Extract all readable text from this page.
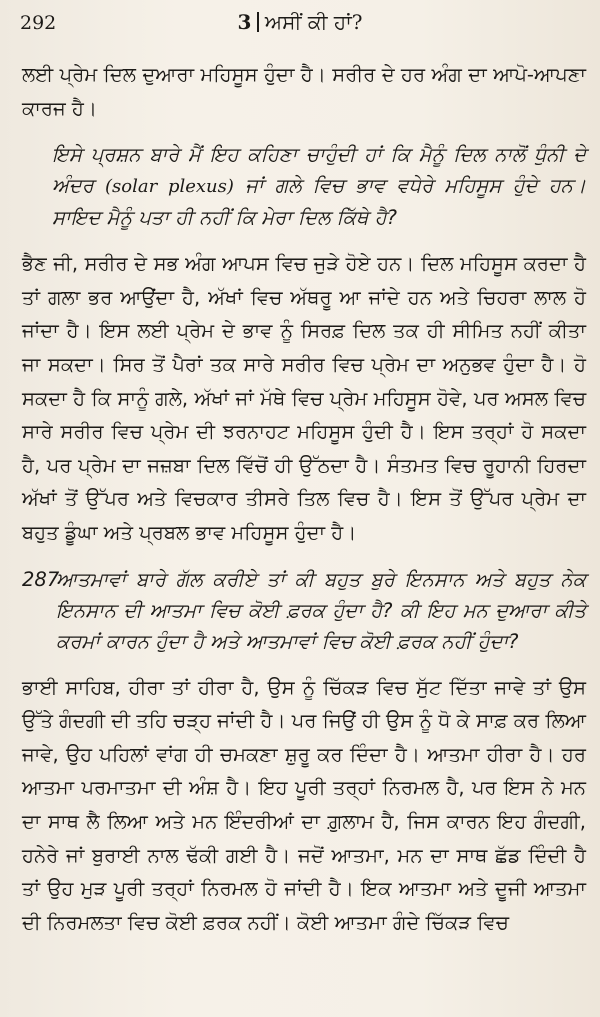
292	3 ਅਸੀਂ ਕੀ ਹਾਂ?

ਲਈ ਪ੍ਰੇਮ ਦਿਲ ਦੁਆਰਾ ਮਹਿਸੂਸ ਹੁੰਦਾ ਹੈ। ਸਰੀਰ ਦੇ ਹਰ ਅੰਗ ਦਾ ਆਪੋ-ਆਪਣਾ ਕਾਰਜ ਹੈ।

ਇਸੇ ਪ੍ਰਸ਼ਨ ਬਾਰੇ ਮੈਂ ਇਹ ਕਹਿਣਾ ਚਾਹੁੰਦੀ ਹਾਂ ਕਿ ਮੈਨੂੰ ਦਿਲ ਨਾਲੋਂ ਧੁੰਨੀ ਦੇ ਅੰਦਰ (solar plexus) ਜਾਂ ਗਲੇ ਵਿਚ ਭਾਵ ਵਧੇਰੇ ਮਹਿਸੂਸ ਹੁੰਦੇ ਹਨ। ਸਾਇਦ ਮੈਨੂੰ ਪਤਾ ਹੀ ਨਹੀਂ ਕਿ ਮੇਰਾ ਦਿਲ ਕਿੱਥੇ ਹੈ?

ਭੈਣ ਜੀ, ਸਰੀਰ ਦੇ ਸਭ ਅੰਗ ਆਪਸ ਵਿਚ ਜੁੜੇ ਹੋਏ ਹਨ। ਦਿਲ ਮਹਿਸੂਸ ਕਰਦਾ ਹੈ ਤਾਂ ਗਲਾ ਭਰ ਆਉਂਦਾ ਹੈ, ਅੱਖਾਂ ਵਿਚ ਅੱਥਰੂ ਆ ਜਾਂਦੇ ਹਨ ਅਤੇ ਚਿਹਰਾ ਲਾਲ ਹੋ ਜਾਂਦਾ ਹੈ। ਇਸ ਲਈ ਪ੍ਰੇਮ ਦੇ ਭਾਵ ਨੂੰ ਸਿਰਫ਼ ਦਿਲ ਤਕ ਹੀ ਸੀਮਿਤ ਨਹੀਂ ਕੀਤਾ ਜਾ ਸਕਦਾ। ਸਿਰ ਤੋਂ ਪੈਰਾਂ ਤਕ ਸਾਰੇ ਸਰੀਰ ਵਿਚ ਪ੍ਰੇਮ ਦਾ ਅਨੁਭਵ ਹੁੰਦਾ ਹੈ। ਹੋ ਸਕਦਾ ਹੈ ਕਿ ਸਾਨੂੰ ਗਲੇ, ਅੱਖਾਂ ਜਾਂ ਮੱਥੇ ਵਿਚ ਪ੍ਰੇਮ ਮਹਿਸੂਸ ਹੋਵੇ, ਪਰ ਅਸਲ ਵਿਚ ਸਾਰੇ ਸਰੀਰ ਵਿਚ ਪ੍ਰੇਮ ਦੀ ਝਰਨਾਹਟ ਮਹਿਸੂਸ ਹੁੰਦੀ ਹੈ। ਇਸ ਤਰ੍ਹਾਂ ਹੋ ਸਕਦਾ ਹੈ, ਪਰ ਪ੍ਰੇਮ ਦਾ ਜਜ਼ਬਾ ਦਿਲ ਵਿੱਚੋਂ ਹੀ ਉੱਠਦਾ ਹੈ। ਸੰਤਮਤ ਵਿਚ ਰੂਹਾਨੀ ਹਿਰਦਾ ਅੱਖਾਂ ਤੋਂ ਉੱਪਰ ਅਤੇ ਵਿਚਕਾਰ ਤੀਸਰੇ ਤਿਲ ਵਿਚ ਹੈ। ਇਸ ਤੋਂ ਉੱਪਰ ਪ੍ਰੇਮ ਦਾ ਬਹੁਤ ਡੂੰਘਾ ਅਤੇ ਪ੍ਰਬਲ ਭਾਵ ਮਹਿਸੂਸ ਹੁੰਦਾ ਹੈ।

287ਆਤਮਾਵਾਂ ਬਾਰੇ ਗੱਲ ਕਰੀਏ ਤਾਂ ਕੀ ਬਹੁਤ ਬੁਰੇ ਇਨਸਾਨ ਅਤੇ ਬਹੁਤ ਨੇਕ ਇਨਸਾਨ ਦੀ ਆਤਮਾ ਵਿਚ ਕੋਈ ਫ਼ਰਕ ਹੁੰਦਾ ਹੈ? ਕੀ ਇਹ ਮਨ ਦੁਆਰਾ ਕੀਤੇ ਕਰਮਾਂ ਕਾਰਨ ਹੁੰਦਾ ਹੈ ਅਤੇ ਆਤਮਾਵਾਂ ਵਿਚ ਕੋਈ ਫ਼ਰਕ ਨਹੀਂ ਹੁੰਦਾ?

ਭਾਈ ਸਾਹਿਬ, ਹੀਰਾ ਤਾਂ ਹੀਰਾ ਹੈ, ਉਸ ਨੂੰ ਚਿੱਕੜ ਵਿਚ ਸੁੱਟ ਦਿੱਤਾ ਜਾਵੇ ਤਾਂ ਉਸ ਉੱਤੇ ਗੰਦਗੀ ਦੀ ਤਹਿ ਚੜ੍ਹ ਜਾਂਦੀ ਹੈ। ਪਰ ਜਿਉਂ ਹੀ ਉਸ ਨੂੰ ਧੋ ਕੇ ਸਾਫ਼ ਕਰ ਲਿਆ ਜਾਵੇ, ਉਹ ਪਹਿਲਾਂ ਵਾਂਗ ਹੀ ਚਮਕਣਾ ਸ਼ੁਰੂ ਕਰ ਦਿੰਦਾ ਹੈ। ਆਤਮਾ ਹੀਰਾ ਹੈ। ਹਰ ਆਤਮਾ ਪਰਮਾਤਮਾ ਦੀ ਅੰਸ਼ ਹੈ। ਇਹ ਪੂਰੀ ਤਰ੍ਹਾਂ ਨਿਰਮਲ ਹੈ, ਪਰ ਇਸ ਨੇ ਮਨ ਦਾ ਸਾਥ ਲੈ ਲਿਆ ਅਤੇ ਮਨ ਇੰਦਰੀਆਂ ਦਾ ਗ਼ੁਲਾਮ ਹੈ, ਜਿਸ ਕਾਰਨ ਇਹ ਗੰਦਗੀ, ਹਨੇਰੇ ਜਾਂ ਬੁਰਾਈ ਨਾਲ ਢੱਕੀ ਗਈ ਹੈ। ਜਦੋਂ ਆਤਮਾ, ਮਨ ਦਾ ਸਾਥ ਛੱਡ ਦਿੰਦੀ ਹੈ ਤਾਂ ਉਹ ਮੁੜ ਪੂਰੀ ਤਰ੍ਹਾਂ ਨਿਰਮਲ ਹੋ ਜਾਂਦੀ ਹੈ। ਇਕ ਆਤਮਾ ਅਤੇ ਦੂਜੀ ਆਤਮਾ ਦੀ ਨਿਰਮਲਤਾ ਵਿਚ ਕੋਈ ਫ਼ਰਕ ਨਹੀਂ। ਕੋਈ ਆਤਮਾ ਗੰਦੇ ਚਿੱਕੜ ਵਿਚ
